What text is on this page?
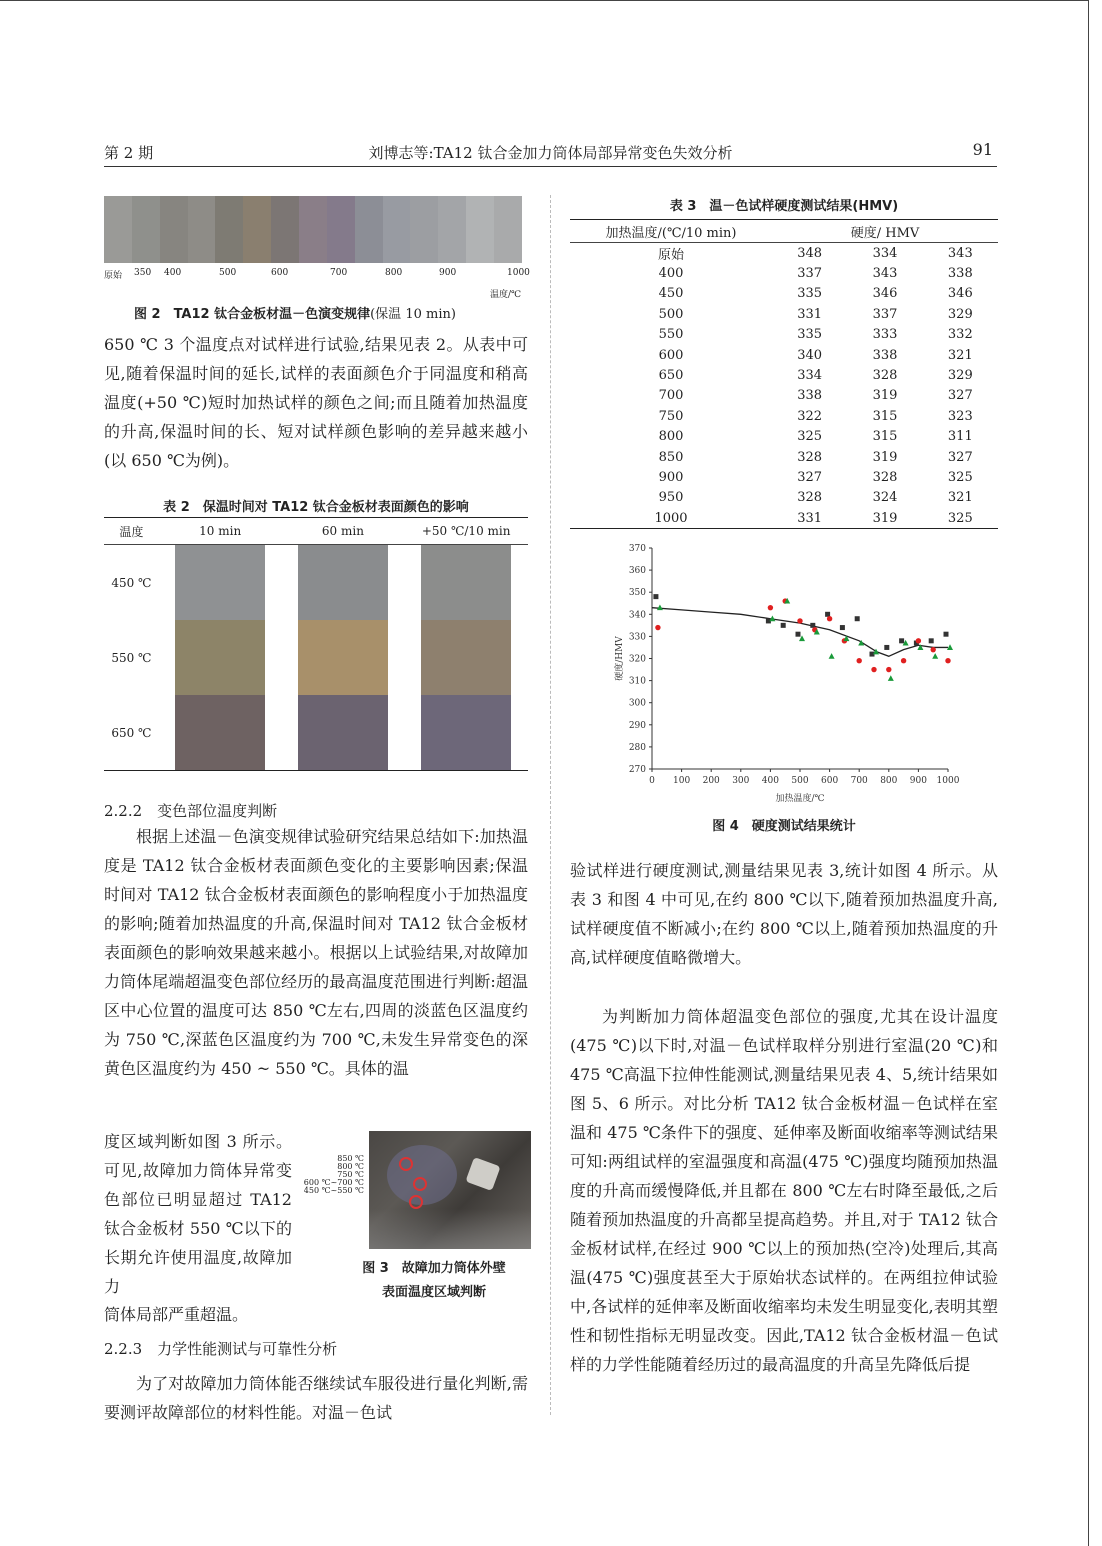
第 2 期	刘博志等:TA12 钛合金加力筒体局部异常变色失效分析	91
原始 350 400	500	600	700	800	900	1000
温度/℃
图 2　TA12 钛合金板材温－色演变规律(保温 10 min)

650 ℃ 3 个温度点对试样进行试验,结果见表 2。从表中可见,随着保温时间的延长,试样的表面颜色介于同温度和稍高温度(+50 ℃)短时加热试样的颜色之间;而且随着加热温度的升高,保温时间的长、短对试样颜色影响的差异越来越小(以 650 ℃为例)。

表 2　保温时间对 TA12 钛合金板材表面颜色的影响
温度	10 min	60 min	+50 ℃/10 min
450 ℃	

550 ℃	

650 ℃	

2.2.2　变色部位温度判断

根据上述温－色演变规律试验研究结果总结如下:加热温度是 TA12 钛合金板材表面颜色变化的主要影响因素;保温时间对 TA12 钛合金板材表面颜色的影响程度小于加热温度的影响;随着加热温度的升高,保温时间对 TA12 钛合金板材表面颜色的影响效果越来越小。根据以上试验结果,对故障加力筒体尾端超温变色部位经历的最高温度范围进行判断:超温区中心位置的温度可达 850 ℃左右,四周的淡蓝色区温度约为 750 ℃,深蓝色区温度约为 700 ℃,未发生异常变色的深黄色区温度约为 450 ~ 550 ℃。具体的温

度区域判断如图 3 所示。可见,故障加力筒体异常变色部位已明显超过 TA12 钛合金板材 550 ℃以下的长期允许使用温度,故障加力

筒体局部严重超温。

850 ℃
800 ℃
750 ℃
600 ℃~700 ℃
450 ℃~550 ℃
图 3　故障加力筒体外壁
表面温度区域判断
2.2.3　力学性能测试与可靠性分析

为了对故障加力筒体能否继续试车服役进行量化判断,需要测评故障部位的材料性能。对温－色试

表 3　温－色试样硬度测试结果(HMV)
加热温度/(℃/10 min)	硬度/ HMV		
原始	348	334	343
400	337	343	338
450	335	346	346
500	331	337	329
550	335	333	332
600	340	338	321
650	334	328	329
700	338	319	327
750	322	315	323
800	325	315	311
850	328	319	327
900	327	328	325
950	328	324	321
1000	331	319	325
270
280
290
300
310
320
330
340
350
360
370
0 100 200 300 400 500 600 700 800 900 1000
加热温度/℃
硬度/HMV
图 4　硬度测试结果统计

验试样进行硬度测试,测量结果见表 3,统计如图 4 所示。从表 3 和图 4 中可见,在约 800 ℃以下,随着预加热温度升高,试样硬度值不断减小;在约 800 ℃以上,随着预加热温度的升高,试样硬度值略微增大。

为判断加力筒体超温变色部位的强度,尤其在设计温度(475 ℃)以下时,对温－色试样取样分别进行室温(20 ℃)和 475 ℃高温下拉伸性能测试,测量结果见表 4、5,统计结果如图 5、6 所示。对比分析 TA12 钛合金板材温－色试样在室温和 475 ℃条件下的强度、延伸率及断面收缩率等测试结果可知:两组试样的室温强度和高温(475 ℃)强度均随预加热温度的升高而缓慢降低,并且都在 800 ℃左右时降至最低,之后随着预加热温度的升高都呈提高趋势。并且,对于 TA12 钛合金板材试样,在经过 900 ℃以上的预加热(空冷)处理后,其高温(475 ℃)强度甚至大于原始状态试样的。在两组拉伸试验中,各试样的延伸率及断面收缩率均未发生明显变化,表明其塑性和韧性指标无明显改变。因此,TA12 钛合金板材温－色试样的力学性能随着经历过的最高温度的升高呈先降低后提
